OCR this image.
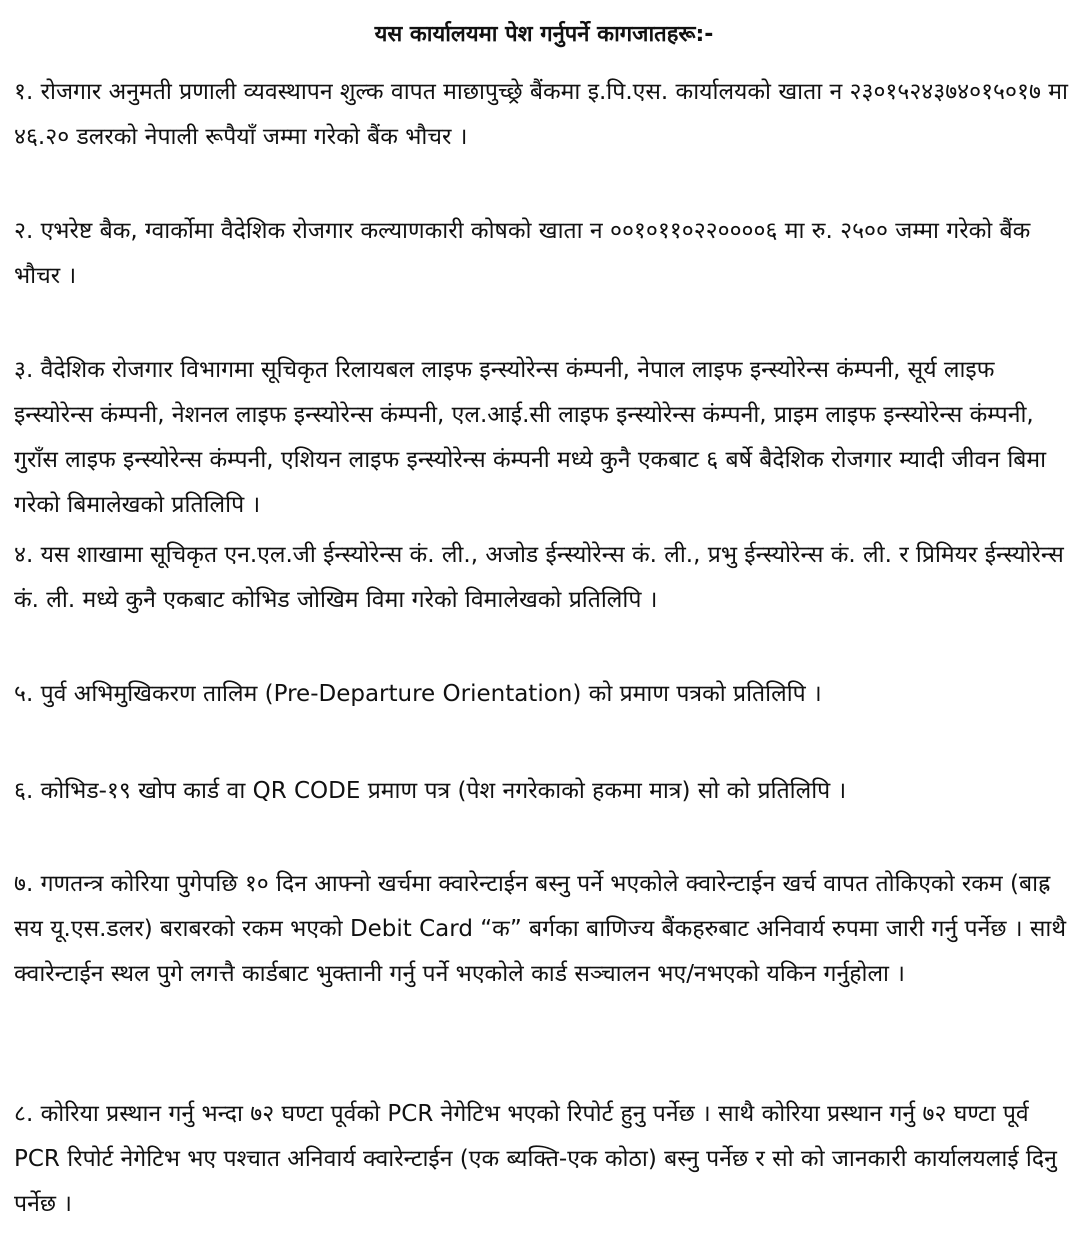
यस कार्यालयमा पेश गर्नुपर्ने कागजातहरू:-
१. रोजगार अनुमती प्रणाली व्यवस्थापन शुल्क वापत माछापुच्छ्रे बैंकमा इ.पि.एस. कार्यालयको खाता न २३०१५२४३७४०१५०१७ मा ४६.२० डलरको नेपाली रूपैयाँ जम्मा गरेको बैंक भौचर ।
२. एभरेष्ट बैक, ग्वार्कोमा वैदेशिक रोजगार कल्याणकारी कोषको खाता न ००१०११०२२००००६ मा रु. २५०० जम्मा गरेको बैंक भौचर ।
३. वैदेशिक रोजगार विभागमा सूचिकृत रिलायबल लाइफ इन्स्योरेन्स कंम्पनी, नेपाल लाइफ इन्स्योरेन्स कंम्पनी, सूर्य लाइफ इन्स्योरेन्स कंम्पनी, नेशनल लाइफ इन्स्योरेन्स कंम्पनी, एल.आई.सी लाइफ इन्स्योरेन्स कंम्पनी, प्राइम लाइफ इन्स्योरेन्स कंम्पनी, गुराँस लाइफ इन्स्योरेन्स कंम्पनी, एशियन लाइफ इन्स्योरेन्स कंम्पनी मध्ये कुनै एकबाट ६ बर्षे बैदेशिक रोजगार म्यादी जीवन बिमा गरेको बिमालेखको प्रतिलिपि ।
४. यस शाखामा सूचिकृत एन.एल.जी ईन्स्योरेन्स कं. ली., अजोड ईन्स्योरेन्स कं. ली., प्रभु ईन्स्योरेन्स कं. ली. र प्रिमियर ईन्स्योरेन्स कं. ली. मध्ये कुनै एकबाट कोभिड जोखिम विमा गरेको विमालेखको प्रतिलिपि ।
५. पुर्व अभिमुखिकरण तालिम (Pre-Departure Orientation) को प्रमाण पत्रको प्रतिलिपि ।
६. कोभिड-१९ खोप कार्ड वा QR CODE प्रमाण पत्र (पेश नगरेकाको हकमा मात्र) सो को प्रतिलिपि ।
७. गणतन्त्र कोरिया पुगेपछि १० दिन आफ्नो खर्चमा क्वारेन्टाईन बस्नु पर्ने भएकोले क्वारेन्टाईन खर्च वापत तोकिएको रकम (बाह्र सय यू.एस.डलर) बराबरको रकम भएको Debit Card “क” बर्गका बाणिज्य बैंकहरुबाट अनिवार्य रुपमा जारी गर्नु पर्नेछ । साथै क्वारेन्टाईन स्थल पुगे लगत्तै कार्डबाट भुक्तानी गर्नु पर्ने भएकोले कार्ड सञ्चालन भए/नभएको यकिन गर्नुहोला ।
८. कोरिया प्रस्थान गर्नु भन्दा ७२ घण्टा पूर्वको PCR नेगेटिभ भएको रिपोर्ट हुनु पर्नेछ । साथै कोरिया प्रस्थान गर्नु ७२ घण्टा पूर्व PCR रिपोर्ट नेगेटिभ भए पश्चात अनिवार्य क्वारेन्टाईन (एक ब्यक्ति-एक कोठा) बस्नु पर्नेछ र सो को जानकारी कार्यालयलाई दिनु पर्नेछ ।
